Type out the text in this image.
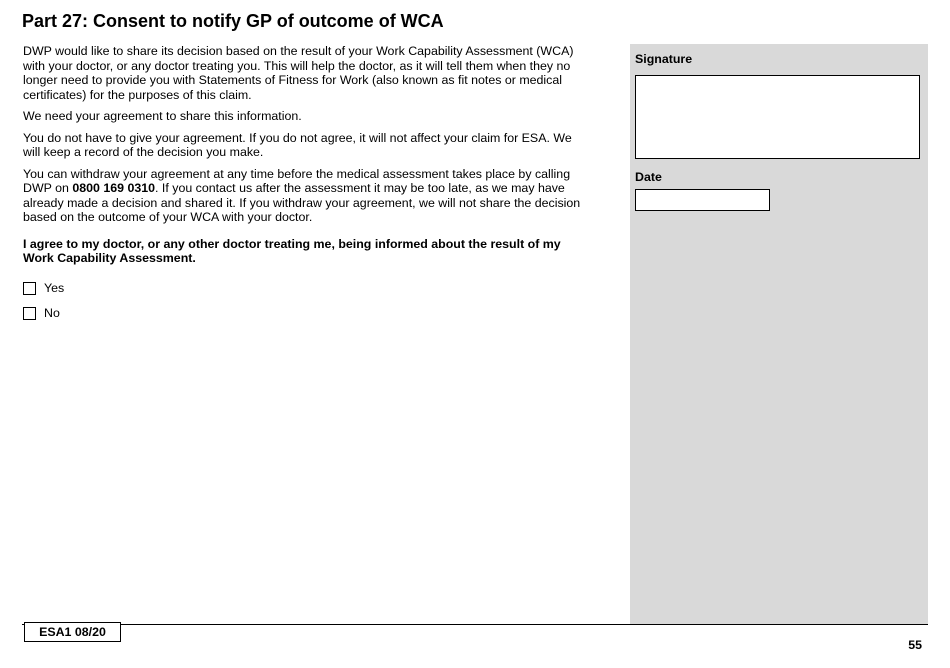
Part 27: Consent to notify GP of outcome of WCA

DWP would like to share its decision based on the result of your Work Capability Assessment (WCA) with your doctor, or any doctor treating you. This will help the doctor, as it will tell them when they no longer need to provide you with Statements of Fitness for Work (also known as fit notes or medical certificates) for the purposes of this claim.

We need your agreement to share this information.

You do not have to give your agreement. If you do not agree, it will not affect your claim for ESA. We will keep a record of the decision you make.

You can withdraw your agreement at any time before the medical assessment takes place by calling DWP on 0800 169 0310. If you contact us after the assessment it may be too late, as we may have already made a decision and shared it. If you withdraw your agreement, we will not share the decision based on the outcome of your WCA with your doctor.

I agree to my doctor, or any other doctor treating me, being informed about the result of my Work Capability Assessment.

Yes
No
Signature
Date
ESA1 08/20
55
